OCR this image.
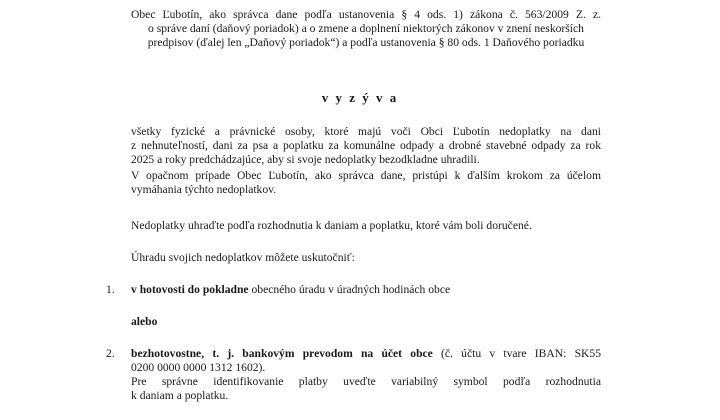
Obec Ľubotín, ako správca dane podľa ustanovenia § 4 ods. 1) zákona č. 563/2009 Z. z.
o správe daní (daňový poriadok) a o zmene a doplnení niektorých zákonov v znení neskorších
predpisov (ďalej len „Daňový poriadok“) a podľa ustanovenia § 80 ods. 1 Daňového poriadku
v y z ý v a
všetky fyzické a právnické osoby, ktoré majú voči Obci Ľubotín nedoplatky na dani
z nehnuteľností, dani za psa a poplatku za komunálne odpady a drobné stavebné odpady za rok
2025 a roky predchádzajúce, aby si svoje nedoplatky bezodkladne uhradili.
V opačnom prípade Obec Ľubotín, ako správca dane, pristúpi k ďalším krokom za účelom
vymáhania týchto nedoplatkov.
Nedoplatky uhraďte podľa rozhodnutia k daniam a poplatku, ktoré vám boli doručené.
Úhradu svojich nedoplatkov môžete uskutočniť:
1. v hotovosti do pokladne obecného úradu v úradných hodinách obce
alebo
2. bezhotovostne, t. j. bankovým prevodom na účet obce (č. účtu v tvare IBAN: SK55
0200 0000 0000 1312 1602).
Pre správne identifikovanie platby uveďte variabilný symbol podľa rozhodnutia
k daniam a poplatku.
